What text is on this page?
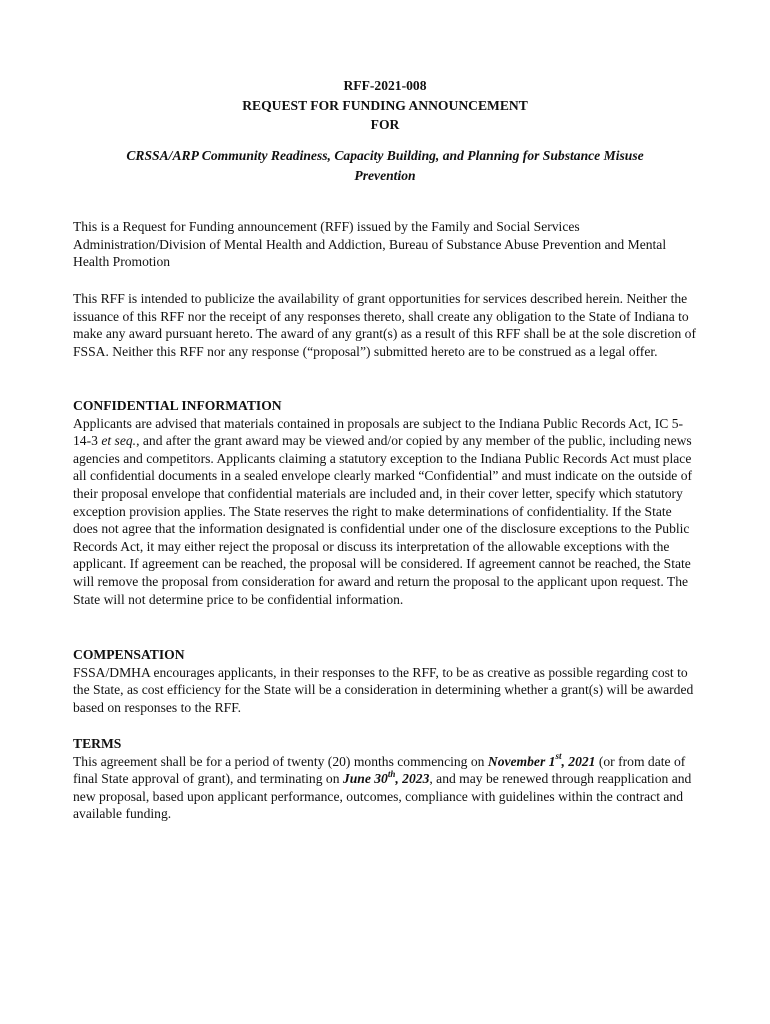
RFF-2021-008
REQUEST FOR FUNDING ANNOUNCEMENT
FOR
CRSSA/ARP Community Readiness, Capacity Building, and Planning for Substance Misuse
Prevention

This is a Request for Funding announcement (RFF) issued by the Family and Social Services Administration/Division of Mental Health and Addiction, Bureau of Substance Abuse Prevention and Mental Health Promotion

This RFF is intended to publicize the availability of grant opportunities for services described herein. Neither the issuance of this RFF nor the receipt of any responses thereto, shall create any obligation to the State of Indiana to make any award pursuant hereto. The award of any grant(s) as a result of this RFF shall be at the sole discretion of FSSA. Neither this RFF nor any response (“proposal”) submitted hereto are to be construed as a legal offer.

CONFIDENTIAL INFORMATION

Applicants are advised that materials contained in proposals are subject to the Indiana Public Records Act, IC 5-14-3 et seq., and after the grant award may be viewed and/or copied by any member of the public, including news agencies and competitors. Applicants claiming a statutory exception to the Indiana Public Records Act must place all confidential documents in a sealed envelope clearly marked “Confidential” and must indicate on the outside of their proposal envelope that confidential materials are included and, in their cover letter, specify which statutory exception provision applies. The State reserves the right to make determinations of confidentiality. If the State does not agree that the information designated is confidential under one of the disclosure exceptions to the Public Records Act, it may either reject the proposal or discuss its interpretation of the allowable exceptions with the applicant. If agreement can be reached, the proposal will be considered. If agreement cannot be reached, the State will remove the proposal from consideration for award and return the proposal to the applicant upon request. The State will not determine price to be confidential information.

COMPENSATION

FSSA/DMHA encourages applicants, in their responses to the RFF, to be as creative as possible regarding cost to the State, as cost efficiency for the State will be a consideration in determining whether a grant(s) will be awarded based on responses to the RFF.

TERMS

This agreement shall be for a period of twenty (20) months commencing on November 1st, 2021 (or from date of final State approval of grant), and terminating on June 30th, 2023, and may be renewed through reapplication and new proposal, based upon applicant performance, outcomes, compliance with guidelines within the contract and available funding.
